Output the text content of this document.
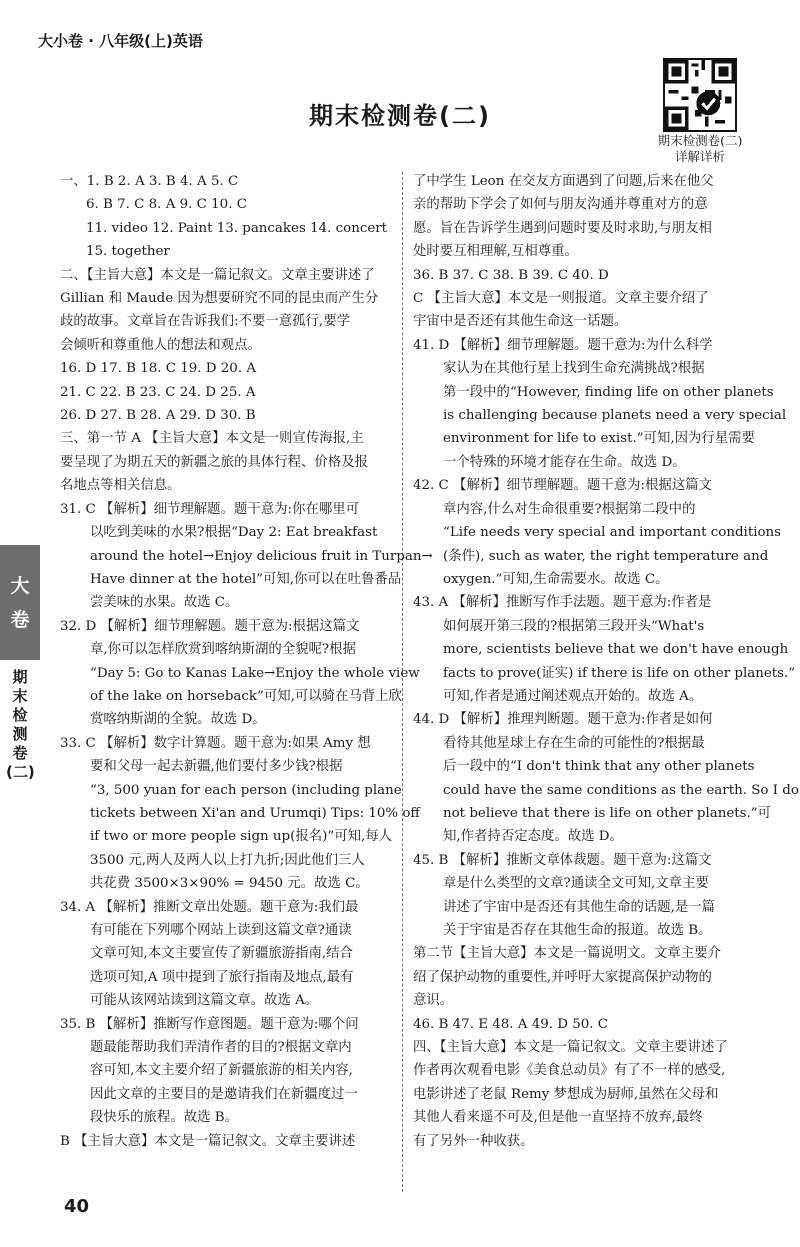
大小卷 · 八年级(上)英语
期末检测卷(二)
期末检测卷(二)
详解详析
一、1. B 2. A 3. B 4. A 5. C
6. B 7. C 8. A 9. C 10. C
11. video 12. Paint 13. pancakes 14. concert
15. together
二、【主旨大意】本文是一篇记叙文。文章主要讲述了
Gillian 和 Maude 因为想要研究不同的昆虫而产生分
歧的故事。文章旨在告诉我们:不要一意孤行,要学
会倾听和尊重他人的想法和观点。
16. D 17. B 18. C 19. D 20. A
21. C 22. B 23. C 24. D 25. A
26. D 27. B 28. A 29. D 30. B
三、第一节 A 【主旨大意】本文是一则宣传海报,主
要呈现了为期五天的新疆之旅的具体行程、价格及报
名地点等相关信息。
31. C 【解析】细节理解题。题干意为:你在哪里可
以吃到美味的水果?根据“Day 2: Eat breakfast
around the hotel→Enjoy delicious fruit in Turpan→
Have dinner at the hotel”可知,你可以在吐鲁番品
尝美味的水果。故选 C。
32. D 【解析】细节理解题。题干意为:根据这篇文
章,你可以怎样欣赏到喀纳斯湖的全貌呢?根据
“Day 5: Go to Kanas Lake→Enjoy the whole view
of the lake on horseback”可知,可以骑在马背上欣
赏喀纳斯湖的全貌。故选 D。
33. C 【解析】数字计算题。题干意为:如果 Amy 想
要和父母一起去新疆,他们要付多少钱?根据
“3, 500 yuan for each person (including plane
tickets between Xi'an and Urumqi) Tips: 10% off
if two or more people sign up(报名)”可知,每人
3500 元,两人及两人以上打九折;因此他们三人
共花费 3500×3×90% = 9450 元。故选 C。
34. A 【解析】推断文章出处题。题干意为:我们最
有可能在下列哪个网站上读到这篇文章?通读
文章可知,本文主要宣传了新疆旅游指南,结合
选项可知,A 项中提到了旅行指南及地点,最有
可能从该网站读到这篇文章。故选 A。
35. B 【解析】推断写作意图题。题干意为:哪个问
题最能帮助我们弄清作者的目的?根据文章内
容可知,本文主要介绍了新疆旅游的相关内容,
因此文章的主要目的是邀请我们在新疆度过一
段快乐的旅程。故选 B。
B 【主旨大意】本文是一篇记叙文。文章主要讲述
了中学生 Leon 在交友方面遇到了问题,后来在他父
亲的帮助下学会了如何与朋友沟通并尊重对方的意
愿。旨在告诉学生遇到问题时要及时求助,与朋友相
处时要互相理解,互相尊重。
36. B 37. C 38. B 39. C 40. D
C 【主旨大意】本文是一则报道。文章主要介绍了
宇宙中是否还有其他生命这一话题。
41. D 【解析】细节理解题。题干意为:为什么科学
家认为在其他行星上找到生命充满挑战?根据
第一段中的“However, finding life on other planets
is challenging because planets need a very special
environment for life to exist.”可知,因为行星需要
一个特殊的环境才能存在生命。故选 D。
42. C 【解析】细节理解题。题干意为:根据这篇文
章内容,什么对生命很重要?根据第二段中的
“Life needs very special and important conditions
(条件), such as water, the right temperature and
oxygen.”可知,生命需要水。故选 C。
43. A 【解析】推断写作手法题。题干意为:作者是
如何展开第三段的?根据第三段开头“What's
more, scientists believe that we don't have enough
facts to prove(证实) if there is life on other planets.”
可知,作者是通过阐述观点开始的。故选 A。
44. D 【解析】推理判断题。题干意为:作者是如何
看待其他星球上存在生命的可能性的?根据最
后一段中的“I don't think that any other planets
could have the same conditions as the earth. So I do
not believe that there is life on other planets.”可
知,作者持否定态度。故选 D。
45. B 【解析】推断文章体裁题。题干意为:这篇文
章是什么类型的文章?通读全文可知,文章主要
讲述了宇宙中是否还有其他生命的话题,是一篇
关于宇宙是否存在其他生命的报道。故选 B。
第二节【主旨大意】本文是一篇说明文。文章主要介
绍了保护动物的重要性,并呼吁大家提高保护动物的
意识。
46. B 47. E 48. A 49. D 50. C
四、【主旨大意】本文是一篇记叙文。文章主要讲述了
作者再次观看电影《美食总动员》有了不一样的感受,
电影讲述了老鼠 Remy 梦想成为厨师,虽然在父母和
其他人看来遥不可及,但是他一直坚持不放弃,最终
有了另外一种收获。
大
卷
期
末
检
测
卷
(二)
40
